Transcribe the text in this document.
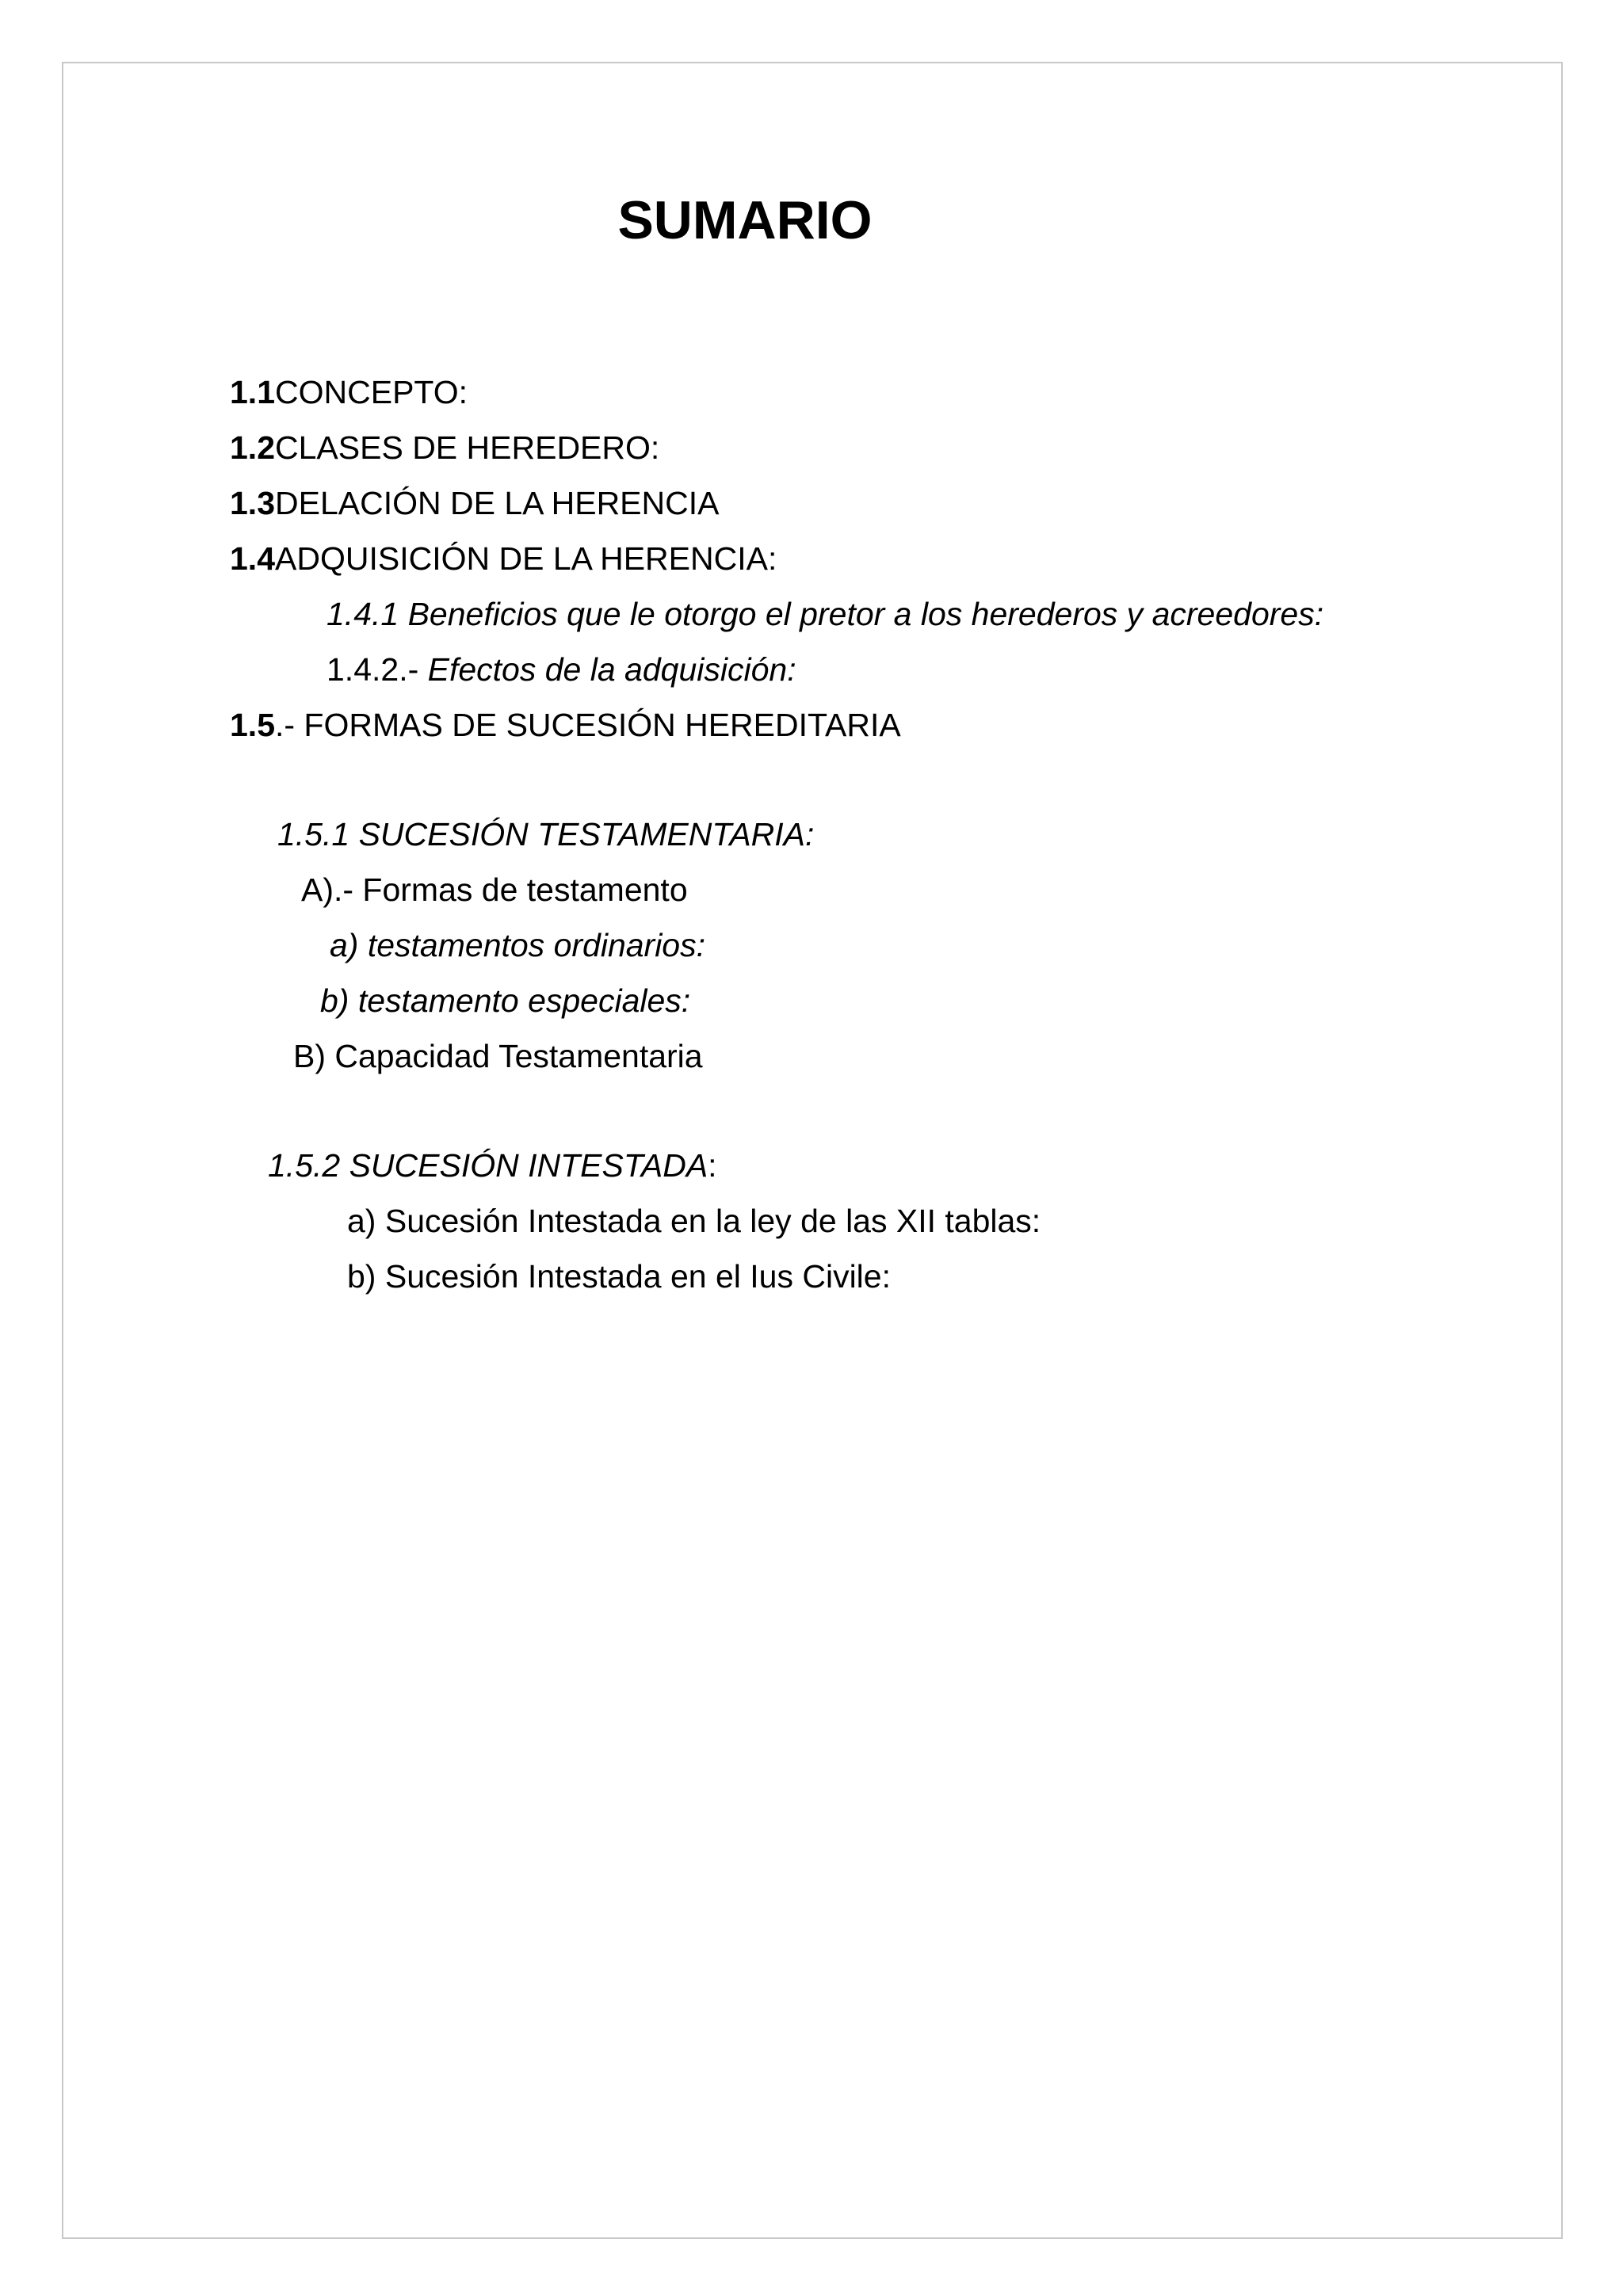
SUMARIO
1.1CONCEPTO:
1.2CLASES DE HEREDERO:
1.3DELACIÓN DE LA HERENCIA
1.4ADQUISICIÓN DE LA HERENCIA:
1.4.1 Beneficios que le otorgo el pretor a los herederos y acreedores:
1.4.2.- Efectos de la adquisición:
1.5.- FORMAS DE SUCESIÓN HEREDITARIA
1.5.1 SUCESIÓN TESTAMENTARIA:
A).- Formas de testamento
a) testamentos ordinarios:
b) testamento especiales:
B) Capacidad Testamentaria
1.5.2 SUCESIÓN INTESTADA:
a) Sucesión Intestada en la ley de las XII tablas:
b) Sucesión Intestada en el Ius Civile:
